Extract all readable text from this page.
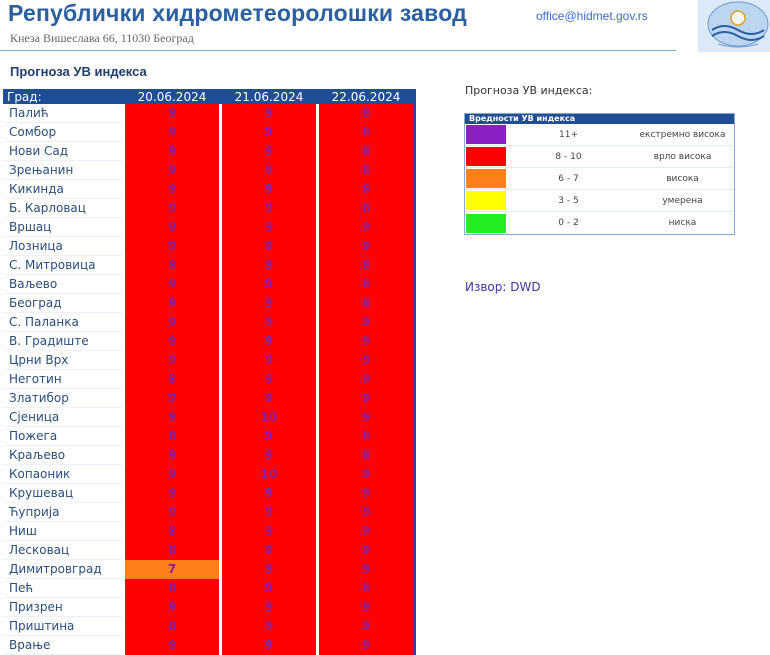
Републички хидрометеоролошки завод
Кнеза Вишеслава 66, 11030 Београд
office@hidmet.gov.rs
Прогноза УВ индекса
Град:		20.06.2024		21.06.2024		22.06.2024	
Палић		9		9		8	
Сомбор		9		9		8	
Нови Сад		9		9		8	
Зрењанин		9		9		8	
Кикинда		9		9		8	
Б. Карловац		9		9		8	
Вршац		9		9		9	
Лозница		9		9		9	
С. Митровица		9		9		8	
Ваљево		9		9		8	
Београд		9		9		8	
С. Паланка		9		9		9	
В. Градиште		9		9		9	
Црни Врх		9		9		9	
Неготин		8		9		9	
Златибор		9		9		9	
Сјеница		9		10		9	
Пожега		8		9		8	
Краљево		9		9		8	
Копаоник		9		10		9	
Крушевац		9		9		9	
Ћуприја		9		9		9	
Ниш		8		9		9	
Лесковац		8		9		9	
Димитровград		7		9		9	
Пећ		8		9		8	
Призрен		9		9		9	
Приштина		8		9		9	
Врање		9		9		9	
Прогноза УВ индекса:
Вредности УВ индекса
11+	екстремно висока
8 - 10	врло висока
6 - 7	висока
3 - 5	умерена
0 - 2	ниска
Извор: DWD
